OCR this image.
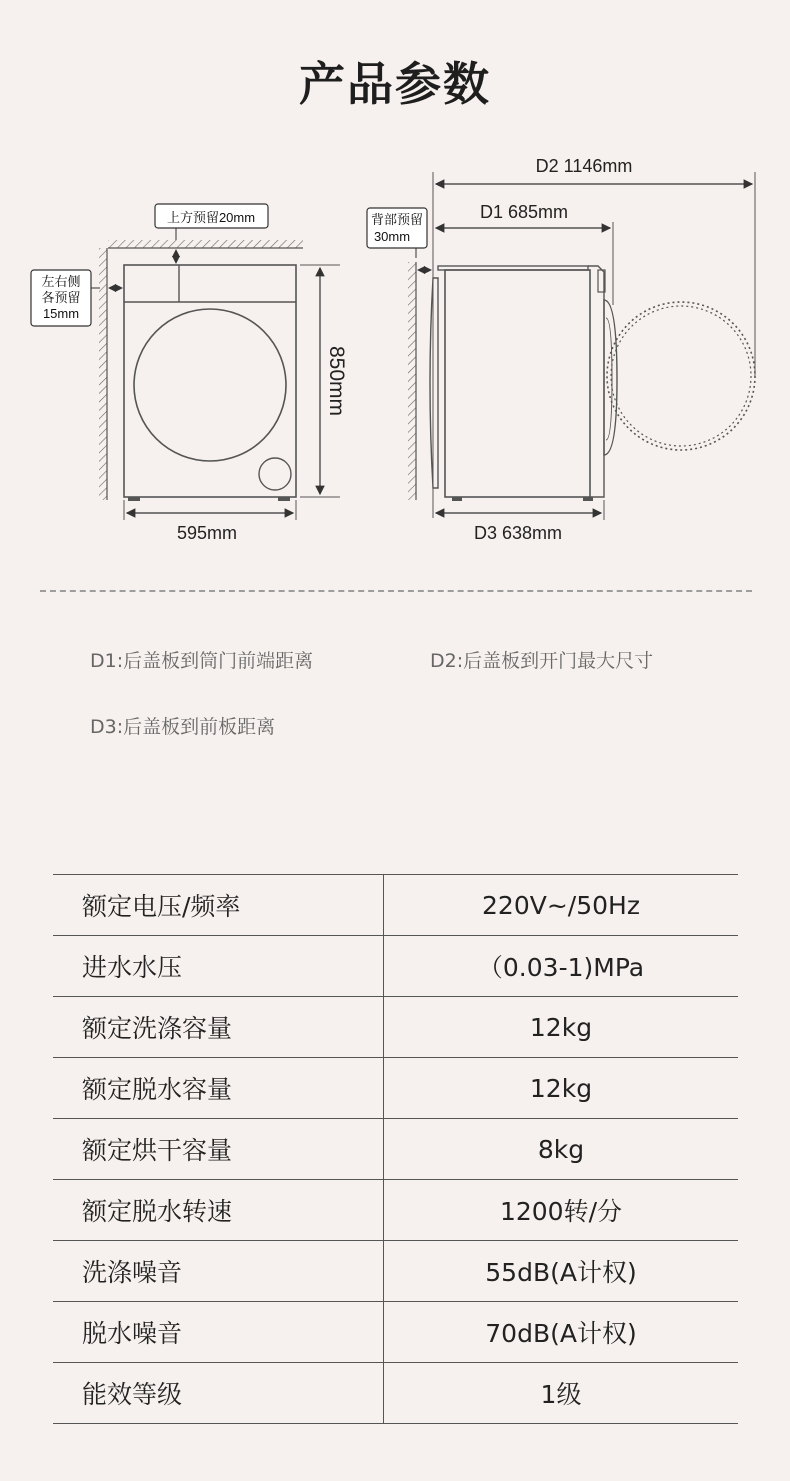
产品参数
850mm
595mm
上方预留20mm
左右侧
各预留
15mm
D2 1146mm
D1 685mm
D3 638mm
背部预留
30mm
D1:后盖板到筒门前端距离	D2:后盖板到开门最大尺寸
D3:后盖板到前板距离
额定电压/频率	220V~/50Hz
进水水压	（0.03-1)MPa
额定洗涤容量	12kg
额定脱水容量	12kg
额定烘干容量	8kg
额定脱水转速	1200转/分
洗涤噪音	55dB(A计权)
脱水噪音	70dB(A计权)
能效等级	1级
